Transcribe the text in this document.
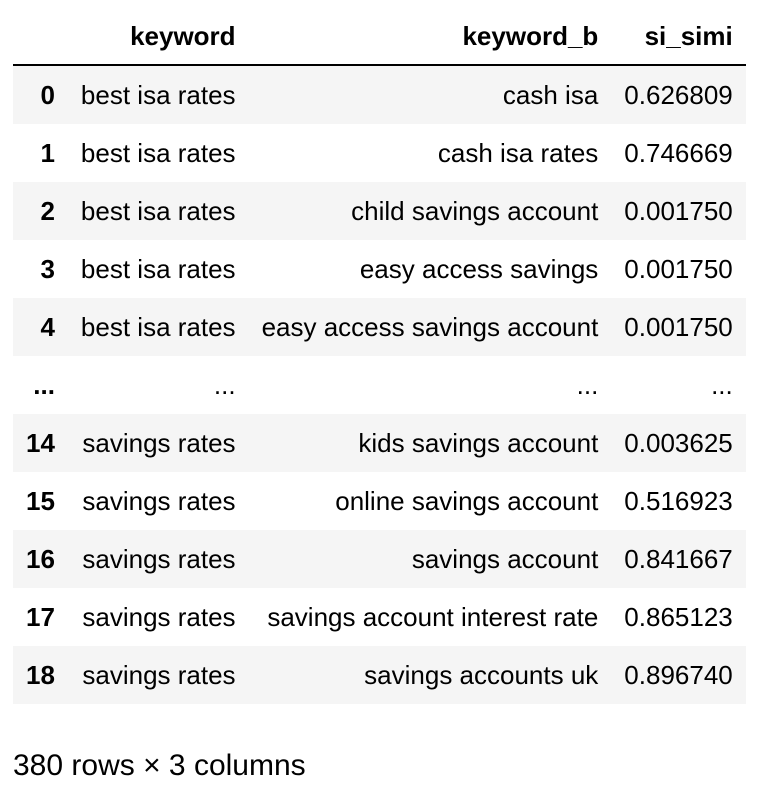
	keyword	keyword_b	si_simi
0	best isa rates	cash isa	0.626809
1	best isa rates	cash isa rates	0.746669
2	best isa rates	child savings account	0.001750
3	best isa rates	easy access savings	0.001750
4	best isa rates	easy access savings account	0.001750
...	...	...	...
14	savings rates	kids savings account	0.003625
15	savings rates	online savings account	0.516923
16	savings rates	savings account	0.841667
17	savings rates	savings account interest rate	0.865123
18	savings rates	savings accounts uk	0.896740

380 rows × 3 columns
